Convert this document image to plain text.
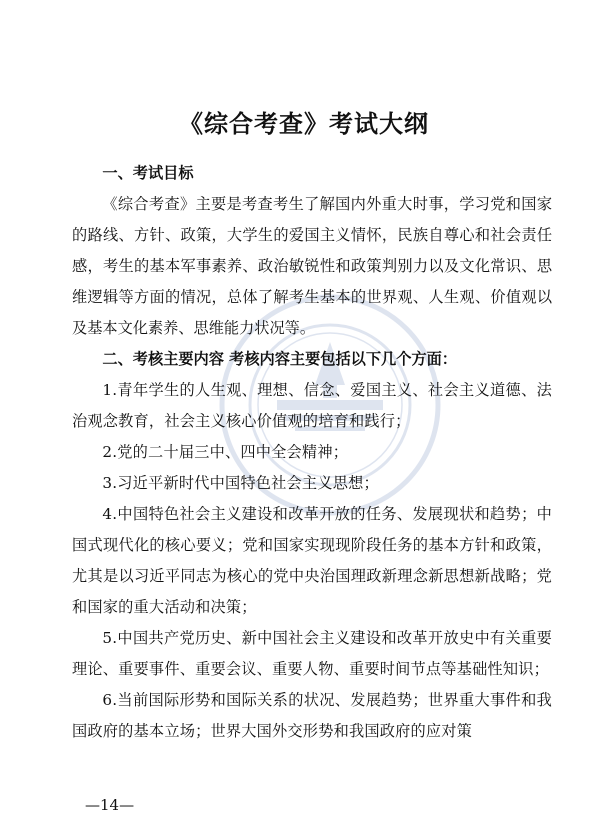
《综合考查》考试大纲

一、考试目标

《综合考查》主要是考查考生了解国内外重大时事，学习党和国家的路线、方针、政策，大学生的爱国主义情怀，民族自尊心和社会责任感，考生的基本军事素养、政治敏锐性和政策判别力以及文化常识、思维逻辑等方面的情况，总体了解考生基本的世界观、人生观、价值观以及基本文化素养、思维能力状况等。

二、考核主要内容 考核内容主要包括以下几个方面：

1.青年学生的人生观、理想、信念、爱国主义、社会主义道德、法治观念教育，社会主义核心价值观的培育和践行；

2.党的二十届三中、四中全会精神；

3.习近平新时代中国特色社会主义思想；

4.中国特色社会主义建设和改革开放的任务、发展现状和趋势；中国式现代化的核心要义；党和国家实现现阶段任务的基本方针和政策，尤其是以习近平同志为核心的党中央治国理政新理念新思想新战略；党和国家的重大活动和决策；

5.中国共产党历史、新中国社会主义建设和改革开放史中有关重要理论、重要事件、重要会议、重要人物、重要时间节点等基础性知识；

6.当前国际形势和国际关系的状况、发展趋势；世界重大事件和我国政府的基本立场；世界大国外交形势和我国政府的应对策

—14—
